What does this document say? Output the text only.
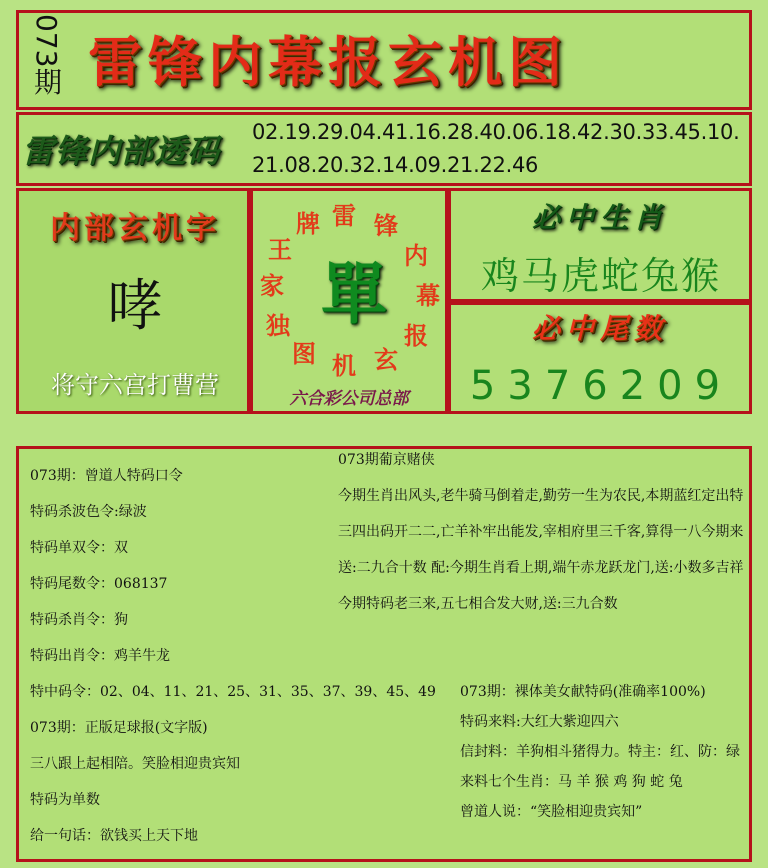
073期 雷锋内幕报玄机图
雷锋内部透码	02.19.29.04.41.16.28.40.06.18.42.30.33.45.10.
21.08.20.32.14.09.21.22.46
内部玄机字
哮
将守六宫打曹营
雷 锋
内
幕
报
玄
机
图
独
家
王
牌
單
六合彩公司总部
必中生肖
鸡马虎蛇兔猴
必中尾数
5376209
073期：曾道人特码口令
特码杀波色令:绿波
特码单双令：双
特码尾数令：068137
特码杀肖令：狗
特码出肖令：鸡羊牛龙
特中码令：02、04、11、21、25、31、35、37、39、45、49
073期：正版足球报(文字版)
三八跟上起相陪。笑脸相迎贵宾知
特码为单数
给一句话：欲钱买上天下地
073期葡京赌侠
今期生肖出风头,老牛骑马倒着走,勤劳一生为农民,本期蓝红定出特
三四出码开二二,亡羊补牢出能发,宰相府里三千客,算得一八今期来
送:二九合十数 配:今期生肖看上期,端午赤龙跃龙门,送:小数多吉祥
今期特码老三来,五七相合发大财,送:三九合数
073期：裸体美女献特码(准确率100%)
特码来料:大红大紫迎四六
信封料：羊狗相斗猪得力。特主：红、防：绿
来料七个生肖：马 羊 猴 鸡 狗 蛇 兔
曾道人说：“笑脸相迎贵宾知”
